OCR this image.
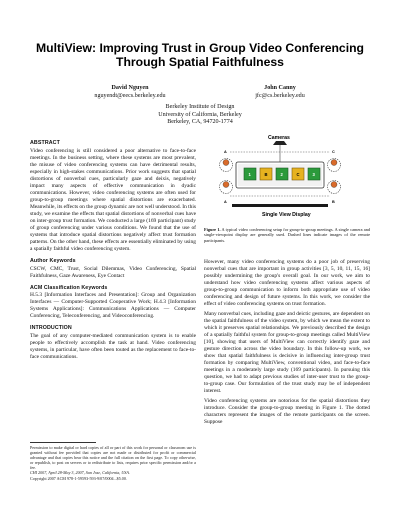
MultiView: Improving Trust in Group Video Conferencing
Through Spatial Faithfulness
David Nguyen
nguyendt@eecs.berkeley.edu
John Canny
jfc@cs.berkeley.edu
Berkeley Institute of Design
University of California, Berkeley
Berkeley, CA, 94720-1774
ABSTRACT
Video conferencing is still considered a poor alternative to face-to-face meetings. In the business setting, where these systems are most prevalent, the misuse of video conferencing systems can have detrimental results, especially in high-stakes communications. Prior work suggests that spatial distortions of nonverbal cues, particularly gaze and deixis, negatively impact many aspects of effective communication in dyadic communications. However, video conferencing systems are often used for group-to-group meetings where spatial distortions are exacerbated. Meanwhile, its effects on the group dynamic are not well understood. In this study, we examine the effects that spatial distortions of nonverbal cues have on inter-group trust formation. We conducted a large (169 participant) study of group conferencing under various conditions. We found that the use of systems that introduce spatial distortions negatively affect trust formation patterns. On the other hand, these effects are essentially eliminated by using a spatially faithful video conferencing system.
Author Keywords
CSCW, CMC, Trust, Social Dilemmas, Video Conferencing, Spatial Faithfulness, Gaze Awareness, Eye Contact
ACM Classification Keywords
H.5.3 [Information Interfaces and Presentation]: Group and Organization Interfaces — Computer-Supported Cooperative Work; H.4.3 [Information Systems Applications]: Communications Applications — Computer Conferencing, Teleconferencing, and Videoconferencing.
INTRODUCTION
The goal of any computer-mediated communication system is to enable people to effectively accomplish the task at hand. Video conferencing systems, in particular, have often been touted as the replacement to face-to-face communications.
Permission to make digital or hard copies of all or part of this work for personal or classroom use is granted without fee provided that copies are not made or distributed for profit or commercial advantage and that copies bear this notice and the full citation on the first page. To copy otherwise, or republish, to post on servers or to redistribute to lists, requires prior specific permission and/or a fee.
CHI 2007, April 28-May 3, 2007, San Jose, California, USA.
Copyright 2007 ACM 978-1-59593-593-9/07/0004...$5.00.
Cameras
A
1	B	2	C	3
C
A	B
Single View Display
Figure 1. A typical video conferencing setup for group-to-group meetings. A single camera and single-viewpoint display are generally used. Dashed lines indicate images of the remote participants.
However, many video conferencing systems do a poor job of preserving nonverbal cues that are important in group activities [3, 5, 10, 11, 15, 16] possibly undermining the group's overall goal. In our work, we aim to understand how video conferencing systems affect various aspects of group-to-group communication to inform both appropriate use of video conferencing and design of future systems. In this work, we consider the effect of video conferencing systems on trust formation.
Many nonverbal cues, including gaze and deictic gestures, are dependent on the spatial faithfulness of the video system, by which we mean the extent to which it preserves spatial relationships. We previously described the design of a spatially faithful system for group-to-group meetings called MultiView [10], showing that users of MultiView can correctly identify gaze and gesture direction across the video boundary. In this follow-up work, we show that spatial faithfulness is decisive in influencing inter-group trust formation by comparing MultiView, conventional video, and face-to-face meetings in a moderately large study (169 participants). In pursuing this question, we had to adapt previous studies of inter-user trust to the group-to-group case. Our formulation of the trust study may be of independent interest.
Video conferencing systems are notorious for the spatial distortions they introduce. Consider the group-to-group meeting in Figure 1. The dotted characters represent the images of the remote participants on the screen. Suppose
